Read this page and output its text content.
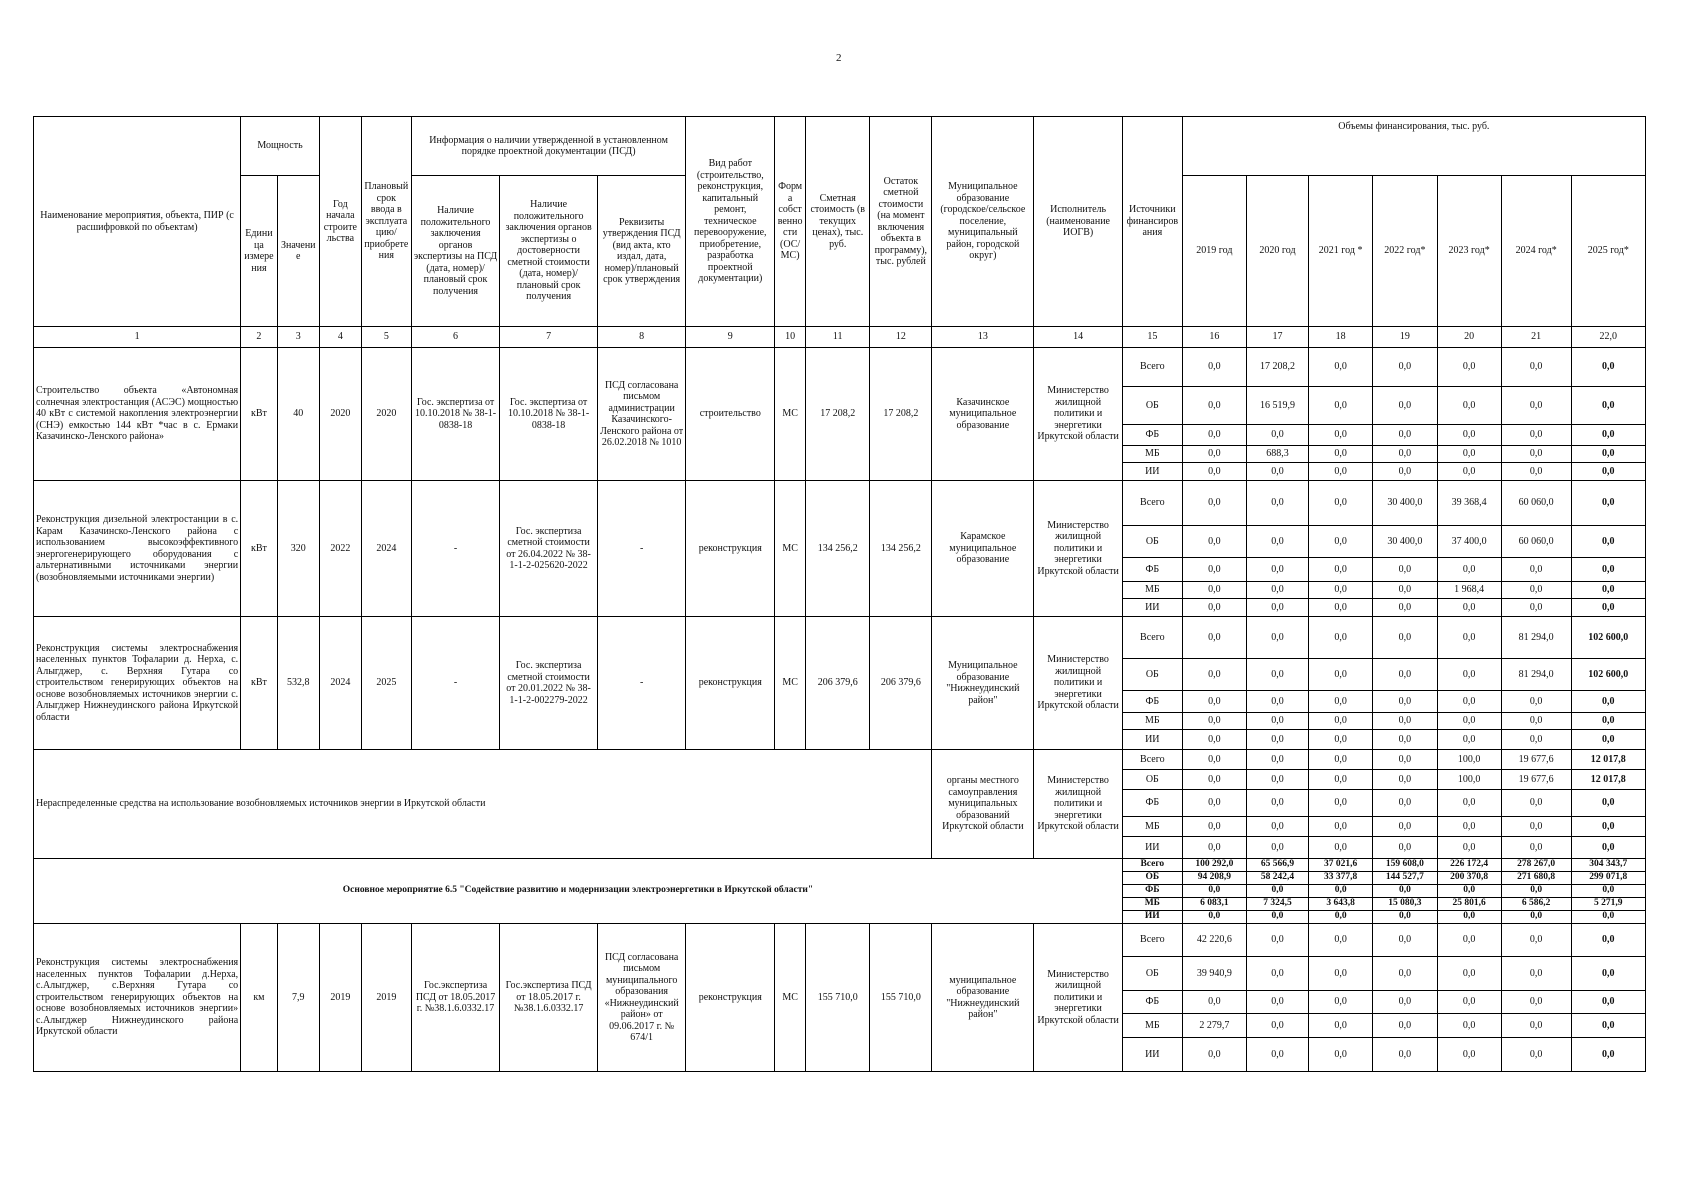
2
Наименование мероприятия, объекта, ПИР (с расшифровкой по объектам)	Мощность		Год начала строительства	Плановый срок ввода в эксплуатацию/приобретения	Информация о наличии утвержденной в установленном порядке проектной документации (ПСД)			Вид работ (строительство, реконструкция, капитальный ремонт, техническое перевооружение, приобретение, разработка проектной документации)	Форма собственности (ОС/МС)	Сметная стоимость (в текущих ценах), тыс. руб.	Остаток сметной стоимости (на момент включения объекта в программу), тыс. рублей	Муниципальное образование (городское/сельское поселение, муниципальный район, городской округ)	Исполнитель (наименование ИОГВ)	Источники финансирования	Объемы финансирования, тыс. руб.						
	Единица измерения	Значение			Наличие положительного заключения органов экспертизы на ПСД (дата, номер)/плановый срок получения	Наличие положительного заключения органов экспертизы о достоверности сметной стоимости (дата, номер)/плановый срок получения	Реквизиты утверждения ПСД (вид акта, кто издал, дата, номер)/плановый срок утверждения								2019 год	2020 год	2021 год *	2022 год*	2023 год*	2024 год*	2025 год*
1	2	3	4	5	6	7	8	9	10	11	12	13	14	15	16	17	18	19	20	21	22,0
Строительство объекта «Автономная солнечная электростанция (АСЭС) мощностью 40 кВт с системой накопления электроэнергии (СНЭ) емкостью 144 кВт *час в с. Ермаки Казачинско-Ленского района»	кВт	40	2020	2020	Гос. экспертиза от 10.10.2018 № 38-1-0838-18	Гос. экспертиза от 10.10.2018 № 38-1-0838-18	ПСД согласована письмом администрации Казачинского-Ленского района от 26.02.2018 № 1010	строительство	МС	17 208,2	17 208,2	Казачинское муниципальное образование	Министерство жилищной политики и энергетики Иркутской области	Всего	0,0	17 208,2	0,0	0,0	0,0	0,0	0,0
														ОБ	0,0	16 519,9	0,0	0,0	0,0	0,0	0,0
														ФБ	0,0	0,0	0,0	0,0	0,0	0,0	0,0
														МБ	0,0	688,3	0,0	0,0	0,0	0,0	0,0
														ИИ	0,0	0,0	0,0	0,0	0,0	0,0	0,0
Реконструкция дизельной электростанции в с. Карам Казачинско-Ленского района с использованием высокоэффективного энергогенерирующего оборудования с альтернативными источниками энергии (возобновляемыми источниками энергии)	кВт	320	2022	2024	-	Гос. экспертиза сметной стоимости от 26.04.2022 № 38-1-1-2-025620-2022	-	реконструкция	МС	134 256,2	134 256,2	Карамское муниципальное образование	Министерство жилищной политики и энергетики Иркутской области	Всего	0,0	0,0	0,0	30 400,0	39 368,4	60 060,0	0,0
														ОБ	0,0	0,0	0,0	30 400,0	37 400,0	60 060,0	0,0
														ФБ	0,0	0,0	0,0	0,0	0,0	0,0	0,0
														МБ	0,0	0,0	0,0	0,0	1 968,4	0,0	0,0
														ИИ	0,0	0,0	0,0	0,0	0,0	0,0	0,0
Реконструкция системы электроснабжения населенных пунктов Тофаларии д. Нерха, с. Алыгджер, с. Верхняя Гутара со строительством генерирующих объектов на основе возобновляемых источников энергии с. Алыгджер Нижнеудинского района Иркутской области	кВт	532,8	2024	2025	-	Гос. экспертиза сметной стоимости от 20.01.2022 № 38-1-1-2-002279-2022	-	реконструкция	МС	206 379,6	206 379,6	Муниципальное образование "Нижнеудинский район"	Министерство жилищной политики и энергетики Иркутской области	Всего	0,0	0,0	0,0	0,0	0,0	81 294,0	102 600,0
														ОБ	0,0	0,0	0,0	0,0	0,0	81 294,0	102 600,0
														ФБ	0,0	0,0	0,0	0,0	0,0	0,0	0,0
														МБ	0,0	0,0	0,0	0,0	0,0	0,0	0,0
														ИИ	0,0	0,0	0,0	0,0	0,0	0,0	0,0
Нераспределенные средства на использование возобновляемых источников энергии в Иркутской области												органы местного самоуправления муниципальных образований Иркутской области	Министерство жилищной политики и энергетики Иркутской области	Всего	0,0	0,0	0,0	0,0	100,0	19 677,6	12 017,8
														ОБ	0,0	0,0	0,0	0,0	100,0	19 677,6	12 017,8
														ФБ	0,0	0,0	0,0	0,0	0,0	0,0	0,0
														МБ	0,0	0,0	0,0	0,0	0,0	0,0	0,0
														ИИ	0,0	0,0	0,0	0,0	0,0	0,0	0,0
Основное мероприятие 6.5 "Содействие развитию и модернизации электроэнергетики в Иркутской области"														Всего	100 292,0	65 566,9	37 021,6	159 608,0	226 172,4	278 267,0	304 343,7
														ОБ	94 208,9	58 242,4	33 377,8	144 527,7	200 370,8	271 680,8	299 071,8
														ФБ	0,0	0,0	0,0	0,0	0,0	0,0	0,0
														МБ	6 083,1	7 324,5	3 643,8	15 080,3	25 801,6	6 586,2	5 271,9
														ИИ	0,0	0,0	0,0	0,0	0,0	0,0	0,0
Реконструкция системы электроснабжения населенных пунктов Тофаларии д.Нерха, с.Алыгджер, с.Верхняя Гутара со строительством генерирующих объектов на основе возобновляемых источников энергии» с.Алыгджер Нижнеудинского района Иркутской области	км	7,9	2019	2019	Гос.экспертиза ПСД от 18.05.2017 г. №38.1.6.0332.17	Гос.экспертиза ПСД от 18.05.2017 г. №38.1.6.0332.17	ПСД согласована письмом муниципального образования «Нижнеудинский район» от 09.06.2017 г. № 674/1	реконструкция	МС	155 710,0	155 710,0	муниципальное образование "Нижнеудинский район"	Министерство жилищной политики и энергетики Иркутской области	Всего	42 220,6	0,0	0,0	0,0	0,0	0,0	0,0
														ОБ	39 940,9	0,0	0,0	0,0	0,0	0,0	0,0
														ФБ	0,0	0,0	0,0	0,0	0,0	0,0	0,0
														МБ	2 279,7	0,0	0,0	0,0	0,0	0,0	0,0
														ИИ	0,0	0,0	0,0	0,0	0,0	0,0	0,0
